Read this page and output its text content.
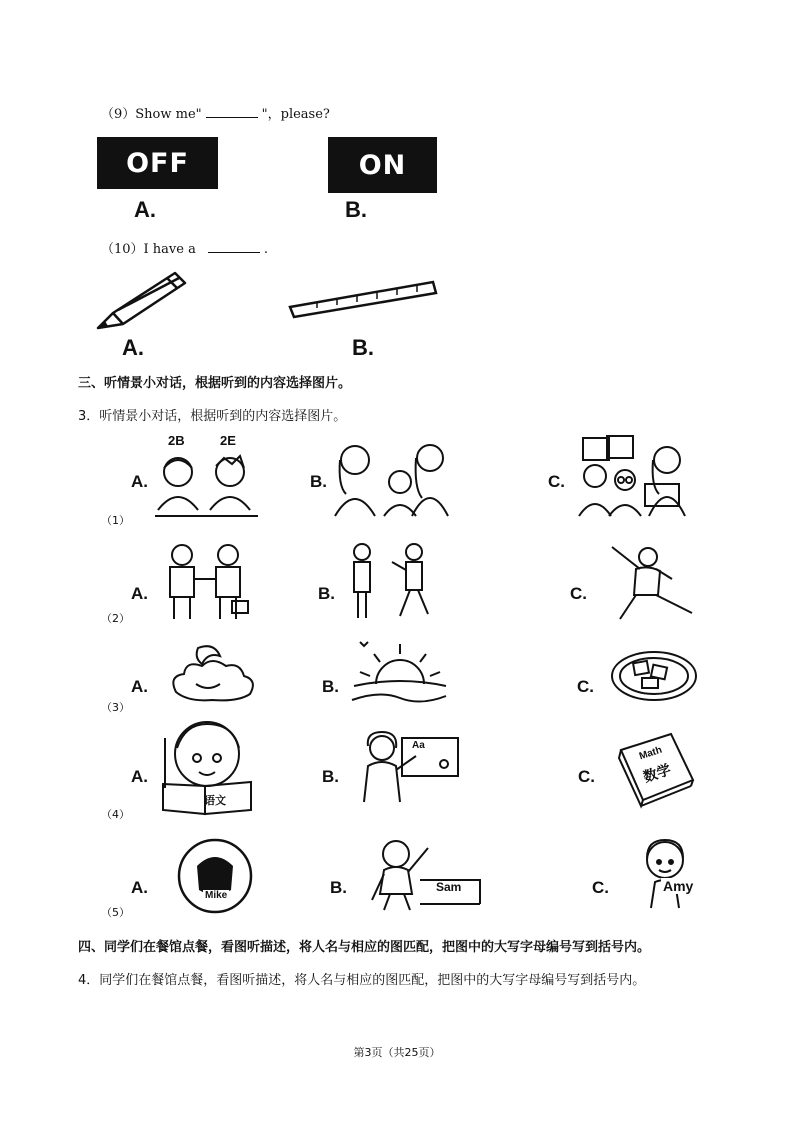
（9）Show me"	"，please?
OFF
A.
ON
B.
（10）I have a	.
A.	B.
三、听情景小对话，根据听到的内容选择图片。
3．听情景小对话，根据听到的内容选择图片。
A.
2B	2E
（1）
B.	C.
A.
（2）
B.	C.
A.
（3）
B.	C.
A.
语文
（4）
B.
Aa
C.
Math
数学
A.	Mike
（5）
B.	Sam	C.	Amy
四、同学们在餐馆点餐，看图听描述，将人名与相应的图匹配，把图中的大写字母编号写到括号内。
4．同学们在餐馆点餐，看图听描述，将人名与相应的图匹配，把图中的大写字母编号写到括号内。
第3页（共25页）
